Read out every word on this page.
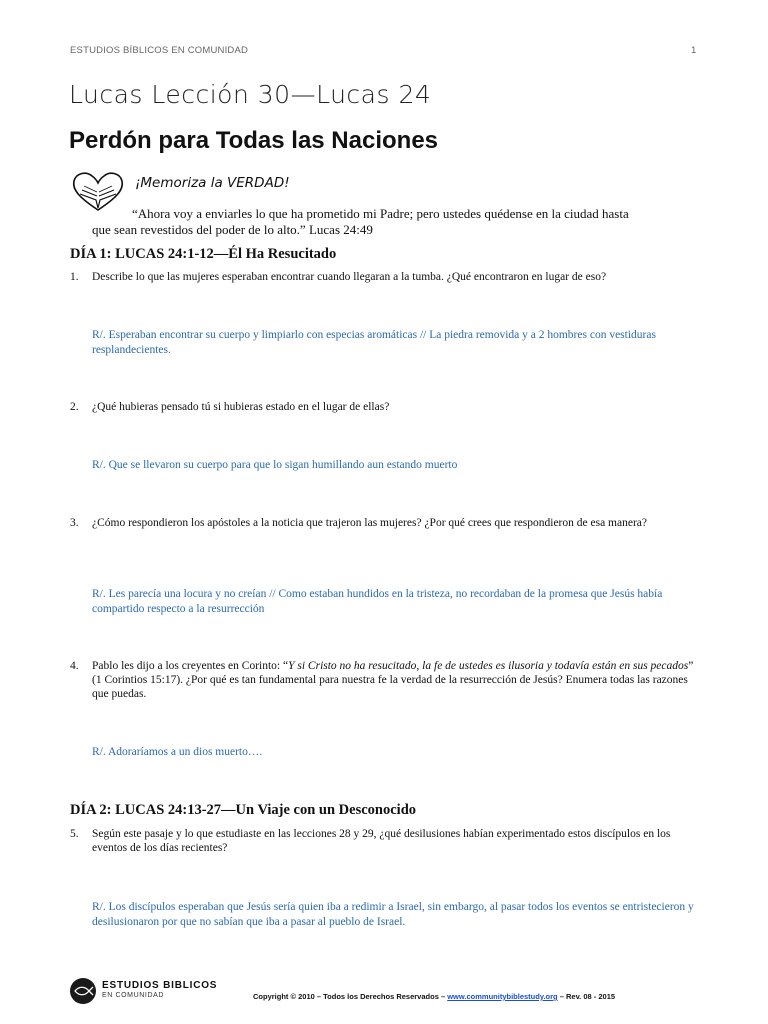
ESTUDIOS BÍBLICOS EN COMUNIDAD	1
Lucas Lección 30—Lucas 24
Perdón para Todas las Naciones
¡Memoriza la VERDAD!
“Ahora voy a enviarles lo que ha prometido mi Padre; pero ustedes quédense en la ciudad hasta
que sean revestidos del poder de lo alto.” Lucas 24:49
DÍA 1: LUCAS 24:1-12—Él Ha Resucitado
1.	Describe lo que las mujeres esperaban encontrar cuando llegaran a la tumba. ¿Qué encontraron en lugar de eso?
R/. Esperaban encontrar su cuerpo y limpiarlo con especias aromáticas // La piedra removida y a 2 hombres con vestiduras resplandecientes.
2.	¿Qué hubieras pensado tú si hubieras estado en el lugar de ellas?
R/. Que se llevaron su cuerpo para que lo sigan humillando aun estando muerto
3.	¿Cómo respondieron los apóstoles a la noticia que trajeron las mujeres? ¿Por qué crees que respondieron de esa manera?
R/. Les parecía una locura y no creían // Como estaban hundidos en la tristeza, no recordaban de la promesa que Jesús había compartido respecto a la resurrección
4.	Pablo les dijo a los creyentes en Corinto: “Y si Cristo no ha resucitado, la fe de ustedes es ilusoria y todavía están en sus pecados” (1 Corintios 15:17). ¿Por qué es tan fundamental para nuestra fe la verdad de la resurrección de Jesús? Enumera todas las razones que puedas.
R/. Adoraríamos a un dios muerto….
DÍA 2: LUCAS 24:13-27—Un Viaje con un Desconocido
5.	Según este pasaje y lo que estudiaste en las lecciones 28 y 29, ¿qué desilusiones habían experimentado estos discípulos en los eventos de los días recientes?
R/. Los discípulos esperaban que Jesús sería quien iba a redimir a Israel, sin embargo, al pasar todos los eventos se entristecieron y desilusionaron por que no sabían que iba a pasar al pueblo de Israel.
ESTUDIOS BIBLICOS
EN COMUNIDAD	Copyright © 2010 – Todos los Derechos Reservados – www.communitybiblestudy.org – Rev. 08 - 2015
